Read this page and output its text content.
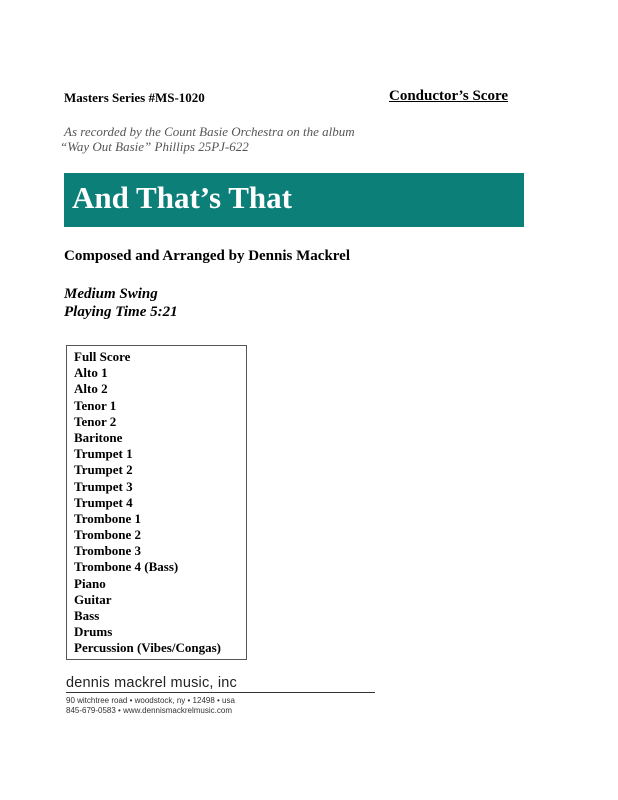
Masters Series #MS-1020	Conductor’s Score
As recorded by the Count Basie Orchestra on the album
“Way Out Basie” Phillips 25PJ-622
And That’s That
Composed and Arranged by Dennis Mackrel
Medium Swing
Playing Time 5:21
Full Score
Alto 1
Alto 2
Tenor 1
Tenor 2
Baritone
Trumpet 1
Trumpet 2
Trumpet 3
Trumpet 4
Trombone 1
Trombone 2
Trombone 3
Trombone 4 (Bass)
Piano
Guitar
Bass
Drums
Percussion (Vibes/Congas)
dennis mackrel music, inc
90 witchtree road • woodstock, ny • 12498 • usa
845-679-0583 • www.dennismackrelmusic.com
